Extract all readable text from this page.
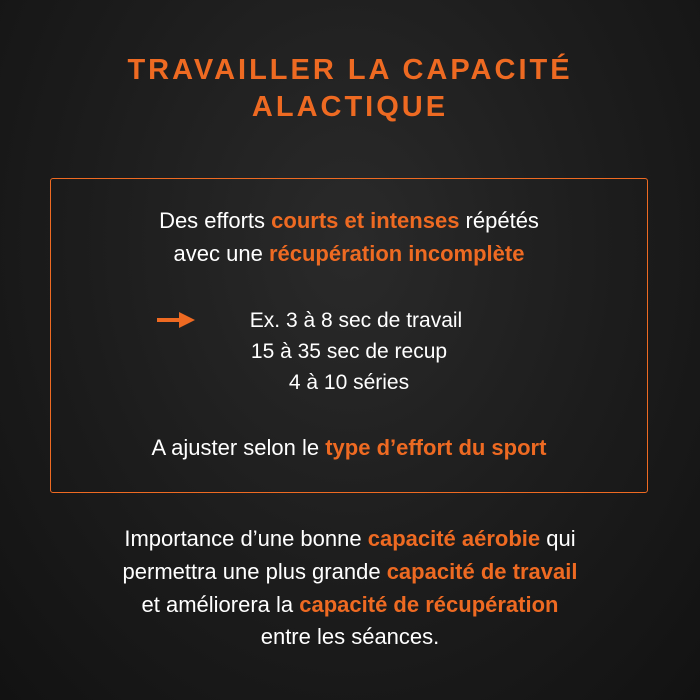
TRAVAILLER LA CAPACITÉ
ALACTIQUE
Des efforts courts et intenses répétés
avec une récupération incomplète
Ex. 3 à 8 sec de travail
15 à 35 sec de recup
4 à 10 séries
A ajuster selon le type d’effort du sport
Importance d’une bonne capacité aérobie qui
permettra une plus grande capacité de travail
et améliorera la capacité de récupération
entre les séances.
